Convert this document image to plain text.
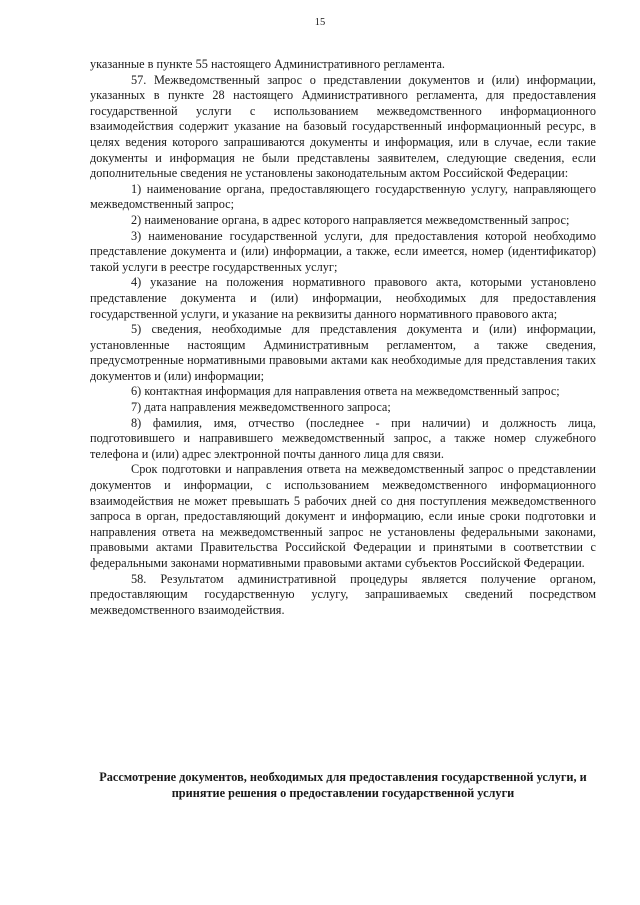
15

указанные в пункте 55 настоящего Административного регламента.

57. Межведомственный запрос о представлении документов и (или) информации, указанных в пункте 28 настоящего Административного регламента, для предоставления государственной услуги с использованием межведомственного информационного взаимодействия содержит указание на базовый государственный информационный ресурс, в целях ведения которого запрашиваются документы и информация, или в случае, если такие документы и информация не были представлены заявителем, следующие сведения, если дополнительные сведения не установлены законодательным актом Российской Федерации:

1) наименование органа, предоставляющего государственную услугу, направляющего межведомственный запрос;

2) наименование органа, в адрес которого направляется межведомственный запрос;

3) наименование государственной услуги, для предоставления которой необходимо представление документа и (или) информации, а также, если имеется, номер (идентификатор) такой услуги в реестре государственных услуг;

4) указание на положения нормативного правового акта, которыми установлено представление документа и (или) информации, необходимых для предоставления государственной услуги, и указание на реквизиты данного нормативного правового акта;

5) сведения, необходимые для представления документа и (или) информации, установленные настоящим Административным регламентом, а также сведения, предусмотренные нормативными правовыми актами как необходимые для представления таких документов и (или) информации;

6) контактная информация для направления ответа на межведомственный запрос;

7) дата направления межведомственного запроса;

8) фамилия, имя, отчество (последнее - при наличии) и должность лица, подготовившего и направившего межведомственный запрос, а также номер служебного телефона и (или) адрес электронной почты данного лица для связи.

Срок подготовки и направления ответа на межведомственный запрос о представлении документов и информации, с использованием межведомственного информационного взаимодействия не может превышать 5 рабочих дней со дня поступления межведомственного запроса в орган, предоставляющий документ и информацию, если иные сроки подготовки и направления ответа на межведомственный запрос не установлены федеральными законами, правовыми актами Правительства Российской Федерации и принятыми в соответствии с федеральными законами нормативными правовыми актами субъектов Российской Федерации.

58. Результатом административной процедуры является получение органом, предоставляющим государственную услугу, запрашиваемых сведений посредством межведомственного взаимодействия.

Рассмотрение документов, необходимых для предоставления государственной услуги, и принятие решения о предоставлении государственной услуги
